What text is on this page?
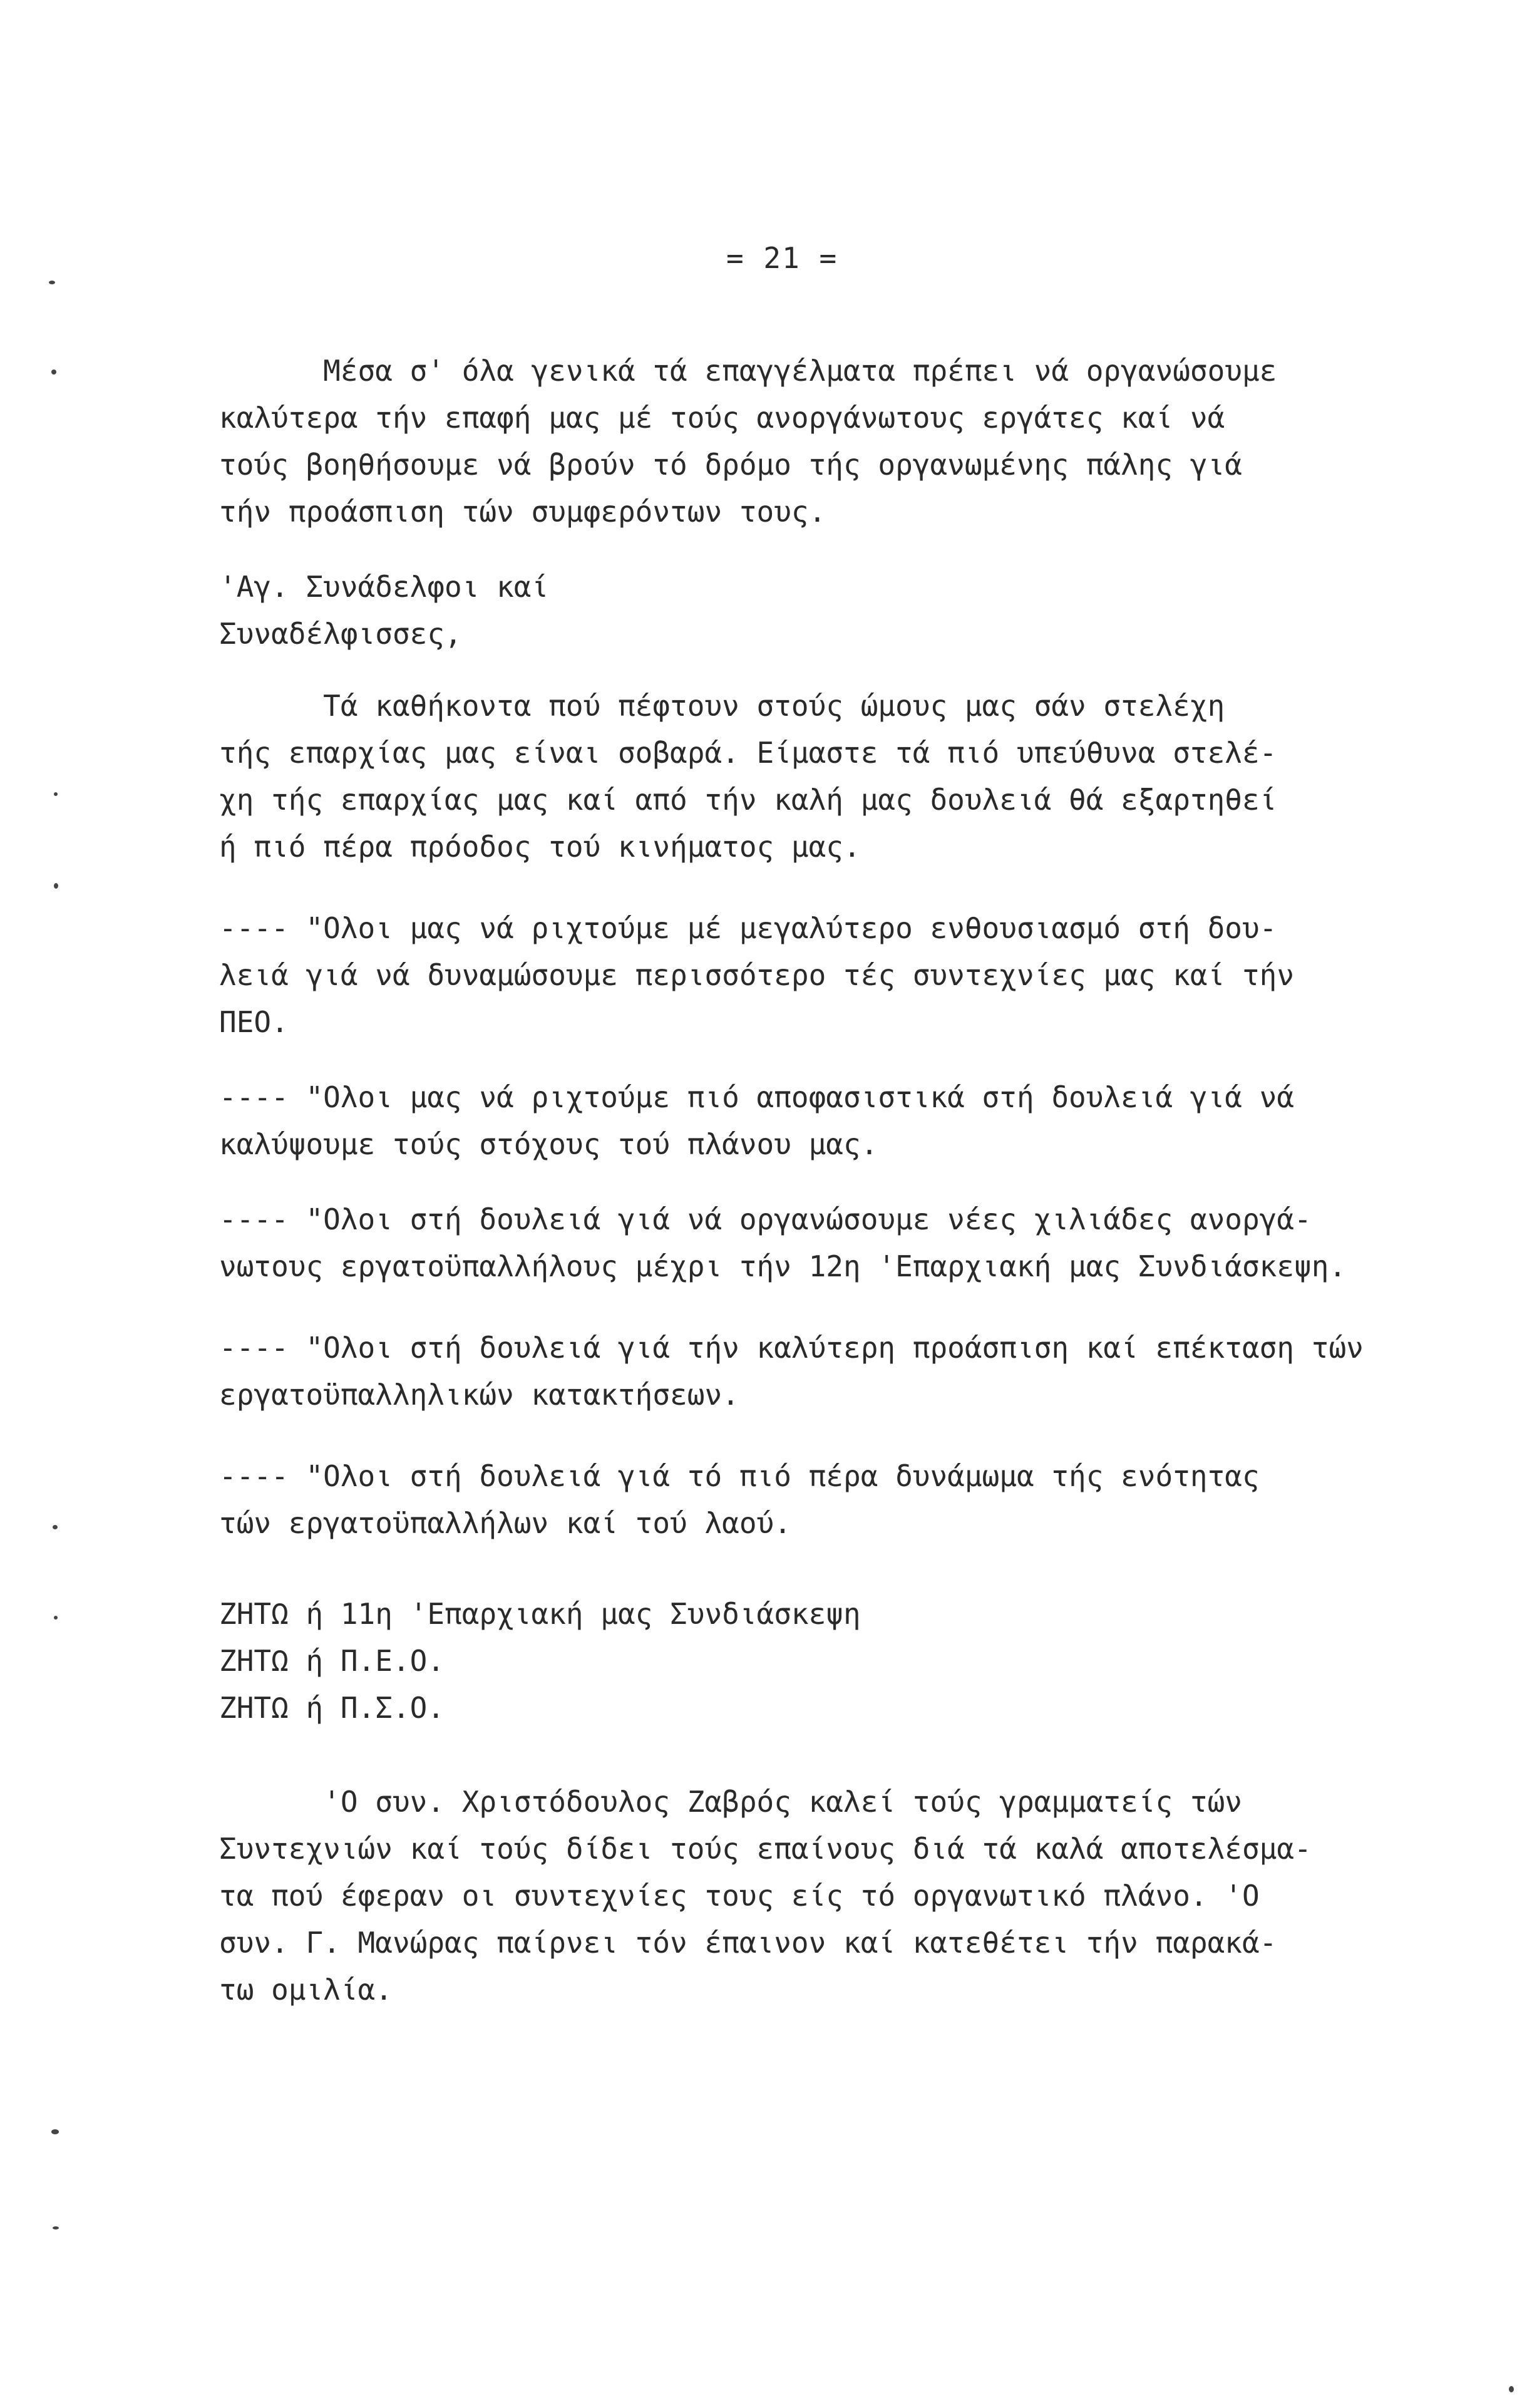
= 21 =
Μέσα σ' όλα γενικά τά επαγγέλματα πρέπει νά οργανώσουμε
καλύτερα τήν επαφή μας μέ τούς ανοργάνωτους εργάτες καί νά
τούς βοηθήσουμε νά βρούν τό δρόμο τής οργανωμένης πάλης γιά
τήν προάσπιση τών συμφερόντων τους.
'Αγ. Συνάδελφοι καί
Συναδέλφισσες,
Τά καθήκοντα πού πέφτουν στούς ώμους μας σάν στελέχη
τής επαρχίας μας είναι σοβαρά. Είμαστε τά πιό υπεύθυνα στελέ-
χη τής επαρχίας μας καί από τήν καλή μας δουλειά θά εξαρτηθεί
ή πιό πέρα πρόοδος τού κινήματος μας.
---- "Ολοι μας νά ριχτούμε μέ μεγαλύτερο ενθουσιασμό στή δου-
λειά γιά νά δυναμώσουμε περισσότερο τές συντεχνίες μας καί τήν
ΠΕΟ.
---- "Ολοι μας νά ριχτούμε πιό αποφασιστικά στή δουλειά γιά νά
καλύψουμε τούς στόχους τού πλάνου μας.
---- "Ολοι στή δουλειά γιά νά οργανώσουμε νέες χιλιάδες ανοργά-
νωτους εργατοϋπαλλήλους μέχρι τήν 12η 'Επαρχιακή μας Συνδιάσκεψη.
---- "Ολοι στή δουλειά γιά τήν καλύτερη προάσπιση καί επέκταση τών
εργατοϋπαλληλικών κατακτήσεων.
---- "Ολοι στή δουλειά γιά τό πιό πέρα δυνάμωμα τής ενότητας
τών εργατοϋπαλλήλων καί τού λαού.
ΖΗΤΩ ή 11η 'Επαρχιακή μας Συνδιάσκεψη
ΖΗΤΩ ή Π.Ε.Ο.
ΖΗΤΩ ή Π.Σ.Ο.
'Ο συν. Χριστόδουλος Ζαβρός καλεί τούς γραμματείς τών
Συντεχνιών καί τούς δίδει τούς επαίνους διά τά καλά αποτελέσμα-
τα πού έφεραν οι συντεχνίες τους είς τό οργανωτικό πλάνο. 'Ο
συν. Γ. Μανώρας παίρνει τόν έπαινον καί κατεθέτει τήν παρακά-
τω ομιλία.
